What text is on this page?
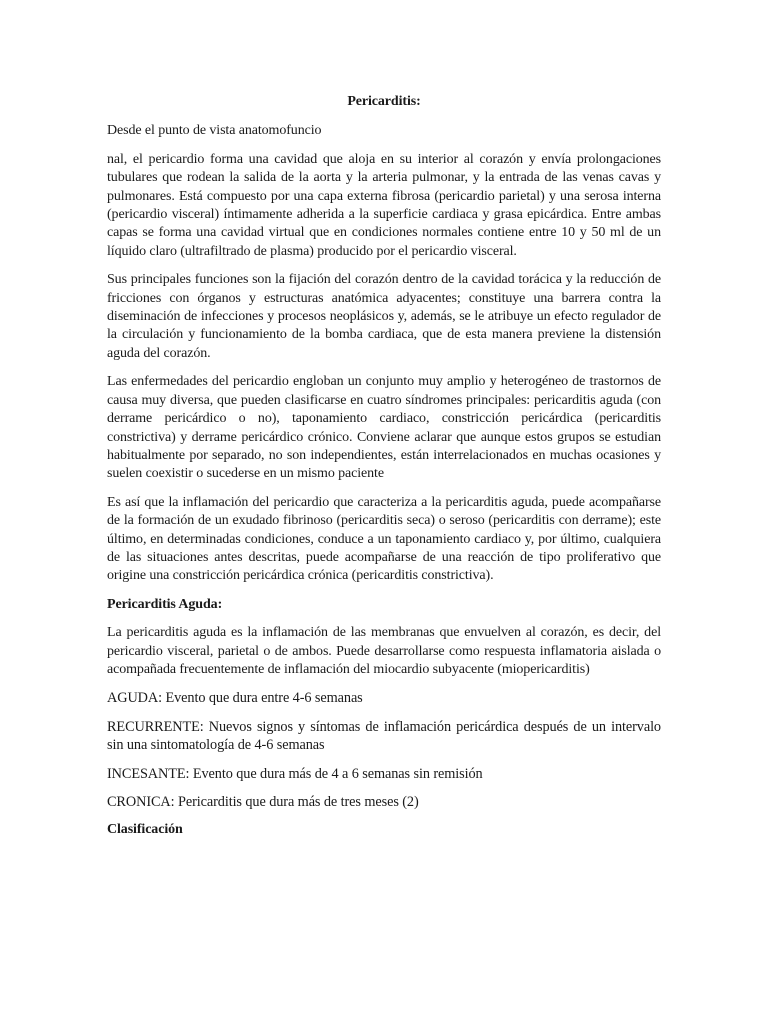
Pericarditis:

Desde el punto de vista anatomofuncio

nal, el pericardio forma una cavidad que aloja en su interior al corazón y envía prolongaciones tubulares que rodean la salida de la aorta y la arteria pulmonar, y la entrada de las venas cavas y pulmonares. Está compuesto por una capa externa fibrosa (pericardio parietal) y una serosa interna (pericardio visceral) íntimamente adherida a la superficie cardiaca y grasa epicárdica. Entre ambas capas se forma una cavidad virtual que en condiciones normales contiene entre 10 y 50 ml de un líquido claro (ultrafiltrado de plasma) producido por el pericardio visceral.

Sus principales funciones son la fijación del corazón dentro de la cavidad torácica y la reducción de fricciones con órganos y estructuras anatómica adyacentes; constituye una barrera contra la diseminación de infecciones y procesos neoplásicos y, además, se le atribuye un efecto regulador de la circulación y funcionamiento de la bomba cardiaca, que de esta manera previene la distensión aguda del corazón.

Las enfermedades del pericardio engloban un conjunto muy amplio y heterogéneo de trastornos de causa muy diversa, que pueden clasificarse en cuatro síndromes principales: pericarditis aguda (con derrame pericárdico o no), taponamiento cardiaco, constricción pericárdica (pericarditis constrictiva) y derrame pericárdico crónico. Conviene aclarar que aunque estos grupos se estudian habitualmente por separado, no son independientes, están interrelacionados en muchas ocasiones y suelen coexistir o sucederse en un mismo paciente

Es así que la inflamación del pericardio que caracteriza a la pericarditis aguda, puede acompañarse de la formación de un exudado fibrinoso (pericarditis seca) o seroso (pericarditis con derrame); este último, en determinadas condiciones, conduce a un taponamiento cardiaco y, por último, cualquiera de las situaciones antes descritas, puede acompañarse de una reacción de tipo proliferativo que origine una constricción pericárdica crónica (pericarditis constrictiva).

Pericarditis Aguda:

La pericarditis aguda es la inflamación de las membranas que envuelven al corazón, es decir, del pericardio visceral, parietal o de ambos. Puede desarrollarse como respuesta inflamatoria aislada o acompañada frecuentemente de inflamación del miocardio subyacente (miopericarditis)

AGUDA: Evento que dura entre 4-6 semanas

RECURRENTE: Nuevos signos y síntomas de inflamación pericárdica después de un intervalo sin una sintomatología de 4-6 semanas

INCESANTE: Evento que dura más de 4 a 6 semanas sin remisión

CRONICA: Pericarditis que dura más de tres meses (2)

Clasificación
